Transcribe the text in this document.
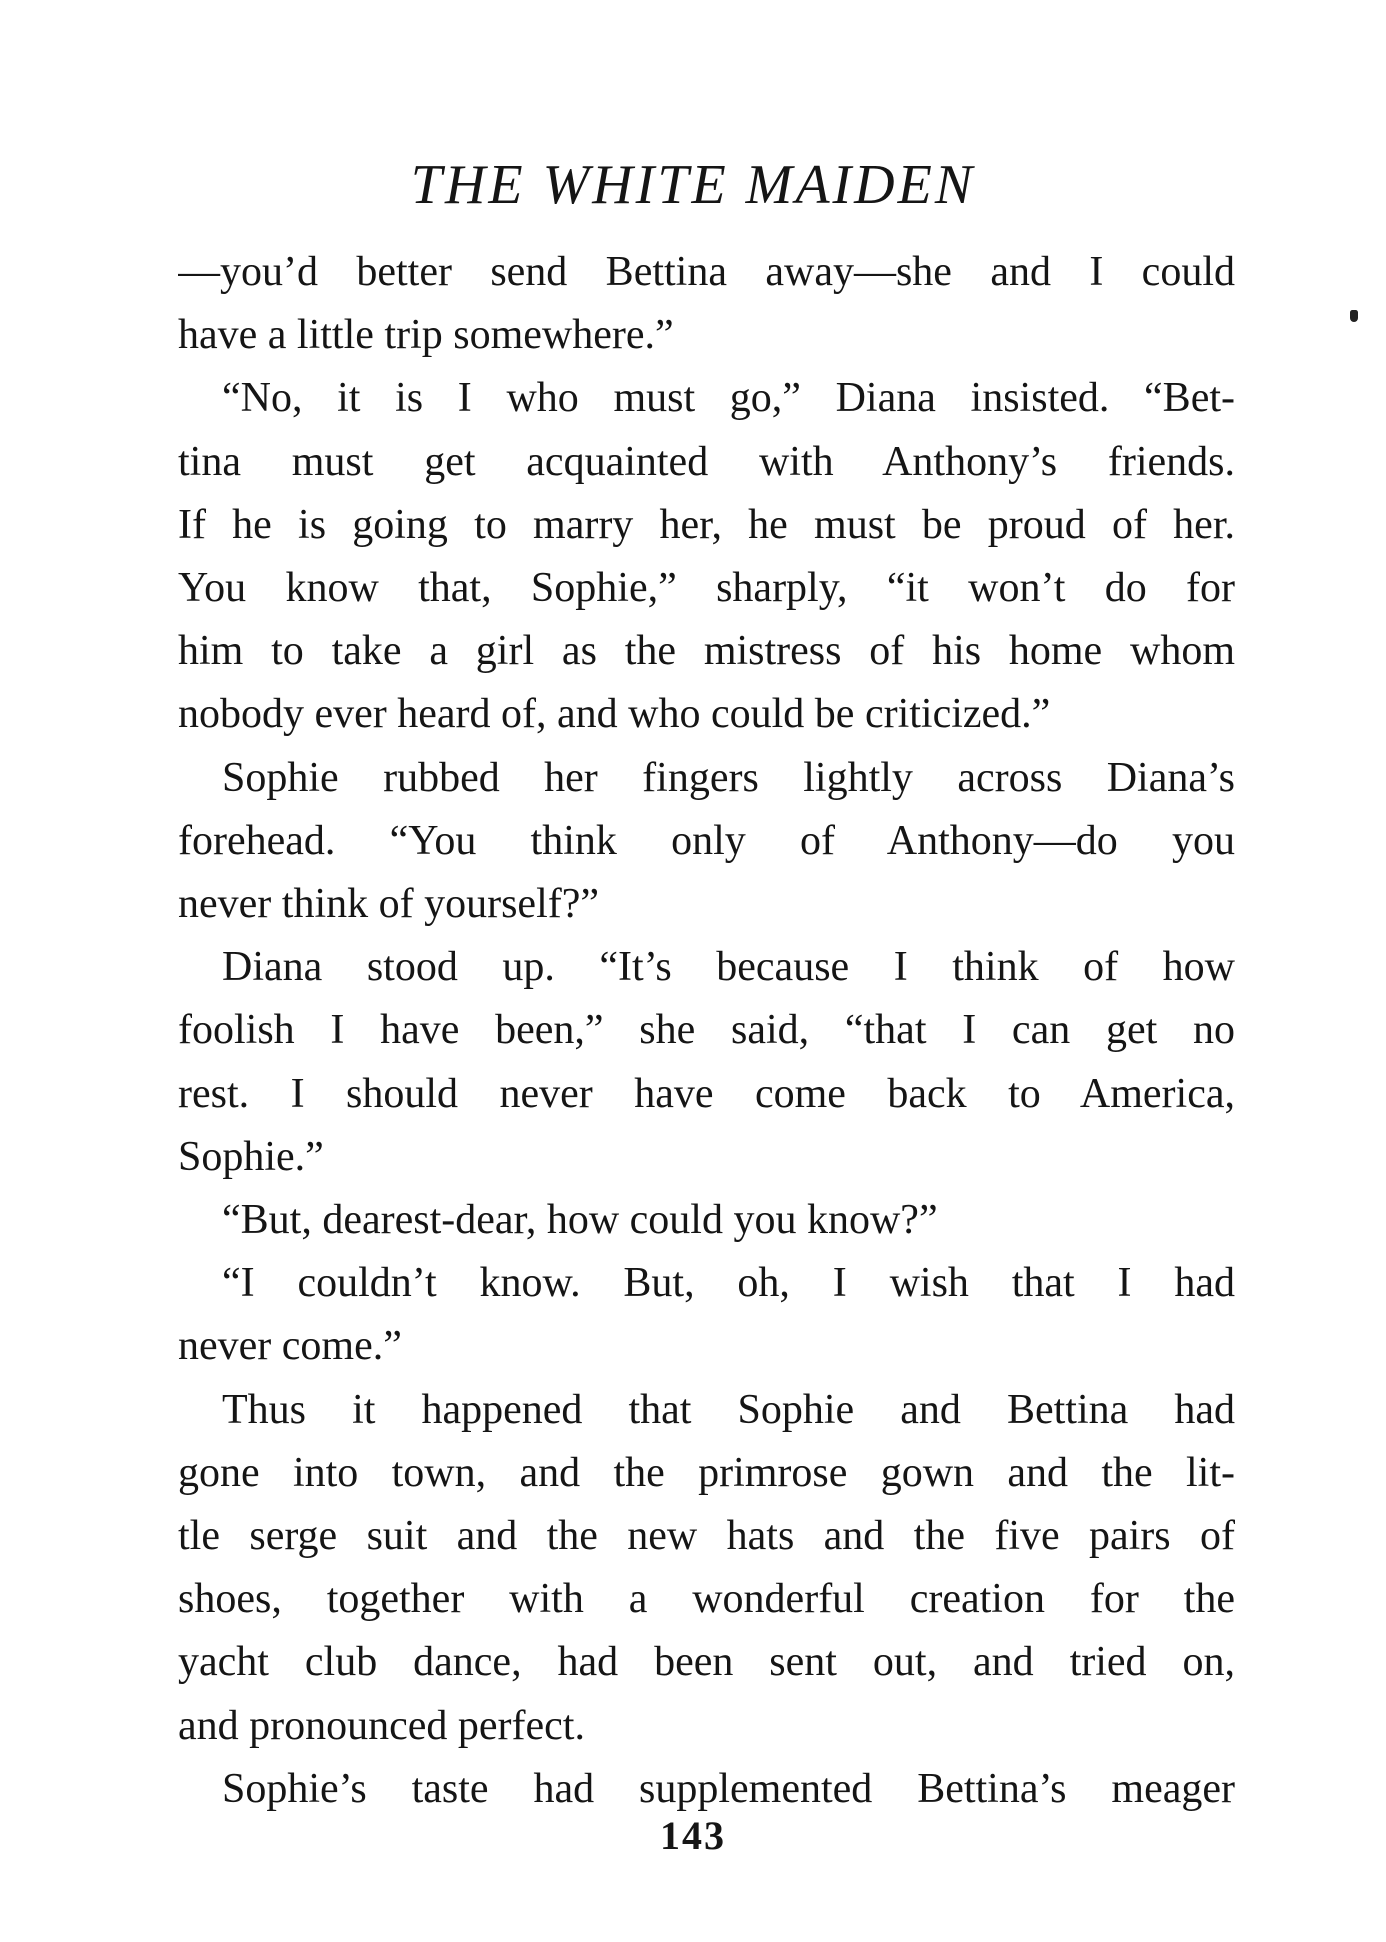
THE WHITE MAIDEN
—you’d better send Bettina away—she and I could
have a little trip somewhere.”
“No, it is I who must go,” Diana insisted. “Bet-
tina must get acquainted with Anthony’s friends.
If he is going to marry her, he must be proud of her.
You know that, Sophie,” sharply, “it won’t do for
him to take a girl as the mistress of his home whom
nobody ever heard of, and who could be criticized.”
Sophie rubbed her fingers lightly across Diana’s
forehead. “You think only of Anthony—do you
never think of yourself?”
Diana stood up. “It’s because I think of how
foolish I have been,” she said, “that I can get no
rest. I should never have come back to America,
Sophie.”
“But, dearest-dear, how could you know?”
“I couldn’t know. But, oh, I wish that I had
never come.”
Thus it happened that Sophie and Bettina had
gone into town, and the primrose gown and the lit-
tle serge suit and the new hats and the five pairs of
shoes, together with a wonderful creation for the
yacht club dance, had been sent out, and tried on,
and pronounced perfect.
Sophie’s taste had supplemented Bettina’s meager
143
